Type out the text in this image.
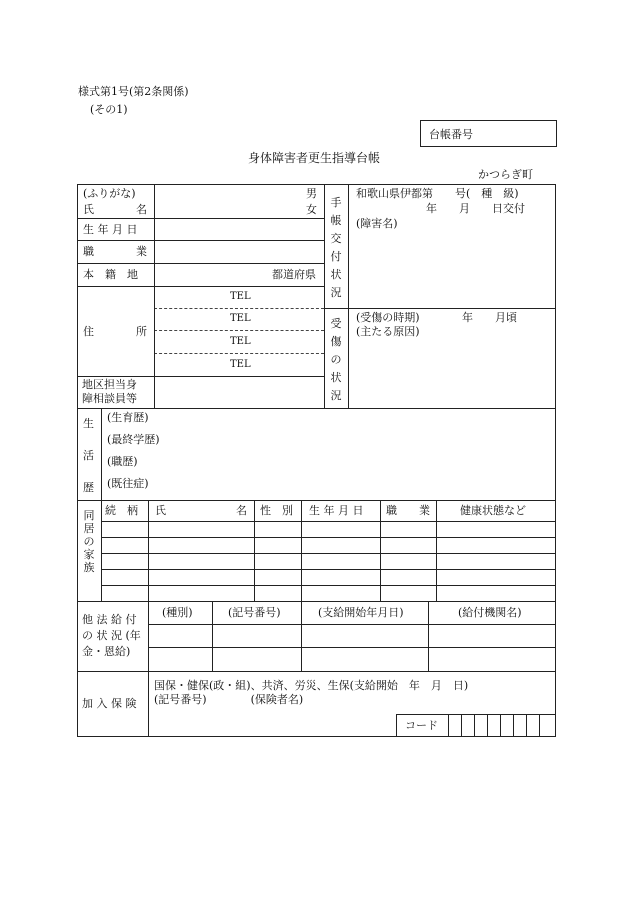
様式第1号(第2条関係)
(その1)
台帳番号
身体障害者更生指導台帳
かつらぎ町
(ふりがな)
氏	名
男
女
生 年 月 日
職	業
本　籍　地	都道府県
住	所
TEL
TEL
TEL
TEL
地区担当身
障相談員等
手
帳
交
付
状
況
和歌山県伊都第　　号(　種　級)
年　　月　　日交付
(障害名)
受
傷
の
状
況
(受傷の時期)	年　　月頃
(主たる原因)
生
活
歴
(生育歴)
(最終学歴)
(職歴)
(既往症)
同
居
の
家
族
続　柄 氏	名 性　別 生 年 月 日 職　　業	健康状態など
他 法 給 付
の 状 況 (年
金・恩給)
(種別)	(記号番号)	(支給開始年月日)	(給付機関名)
加 入 保 険
国保・健保(政・組)、共済、労災、生保(支給開始　年　月　日)
(記号番号)　　　　(保険者名)
コード
